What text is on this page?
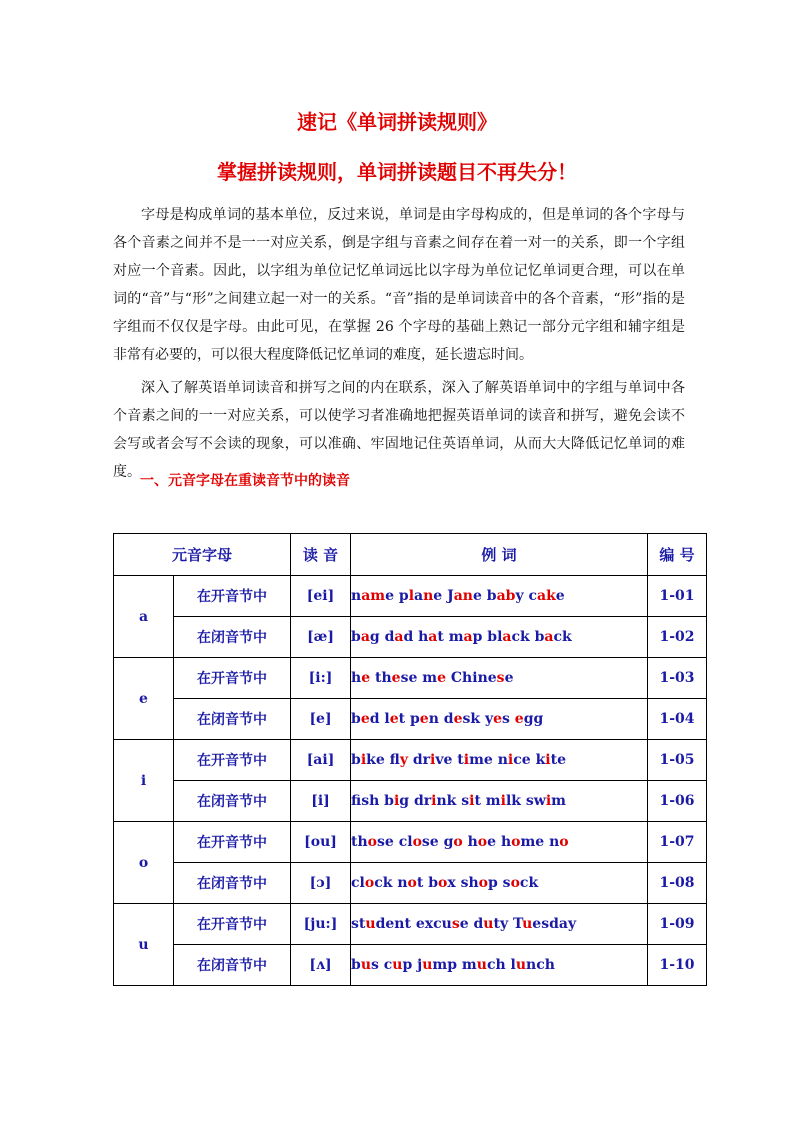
速记《单词拼读规则》
掌握拼读规则，单词拼读题目不再失分！

字母是构成单词的基本单位，反过来说，单词是由字母构成的，但是单词的各个字母与各个音素之间并不是一一对应关系，倒是字组与音素之间存在着一对一的关系，即一个字组对应一个音素。因此，以字组为单位记忆单词远比以字母为单位记忆单词更合理，可以在单词的“音”与“形”之间建立起一对一的关系。“音”指的是单词读音中的各个音素，“形”指的是字组而不仅仅是字母。由此可见，在掌握 26 个字母的基础上熟记一部分元字组和辅字组是非常有必要的，可以很大程度降低记忆单词的难度，延长遗忘时间。

深入了解英语单词读音和拼写之间的内在联系，深入了解英语单词中的字组与单词中各个音素之间的一一对应关系，可以使学习者准确地把握英语单词的读音和拼写，避免会读不会写或者会写不会读的现象，可以准确、牢固地记住英语单词，从而大大降低记忆单词的难度。

一、元音字母在重读音节中的读音
元音字母		读 音	例 词	编 号
a	在开音节中	[ei]	name plane Jane baby cake	1-01
	在闭音节中	[æ]	bag dad hat map black back	1-02
e	在开音节中	[i:]	he these me Chinese	1-03
	在闭音节中	[e]	bed let pen desk yes egg	1-04
i	在开音节中	[ai]	bike fy drive time nice kite	1-05
	在闭音节中	[i]	fsh big drink sit milk swim	1-06
o	在开音节中	[ou]	those close go hoe home no	1-07
	在闭音节中	[ɔ]	clock not box shop sock	1-08
u	在开音节中	[ju:]	student excuse duty Tuesday	1-09
	在闭音节中	[ʌ]	bus cup jump much lunch	1-10
